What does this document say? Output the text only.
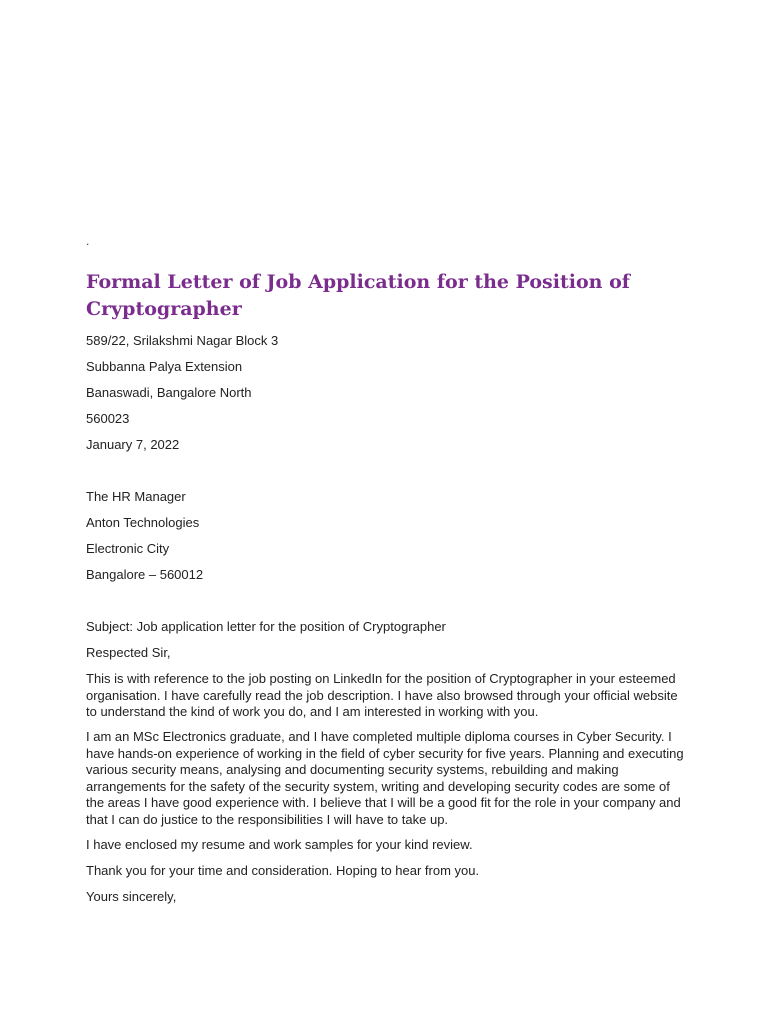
.
Formal Letter of Job Application for the Position of Cryptographer
589/22, Srilakshmi Nagar Block 3
Subbanna Palya Extension
Banaswadi, Bangalore North
560023
January 7, 2022
The HR Manager
Anton Technologies
Electronic City
Bangalore – 560012
Subject: Job application letter for the position of Cryptographer
Respected Sir,

This is with reference to the job posting on LinkedIn for the position of Cryptographer in your esteemed organisation. I have carefully read the job description. I have also browsed through your official website to understand the kind of work you do, and I am interested in working with you.

I am an MSc Electronics graduate, and I have completed multiple diploma courses in Cyber Security. I have hands-on experience of working in the field of cyber security for five years. Planning and executing various security means, analysing and documenting security systems, rebuilding and making arrangements for the safety of the security system, writing and developing security codes are some of the areas I have good experience with. I believe that I will be a good fit for the role in your company and that I can do justice to the responsibilities I will have to take up.

I have enclosed my resume and work samples for your kind review.

Thank you for your time and consideration. Hoping to hear from you.

Yours sincerely,
